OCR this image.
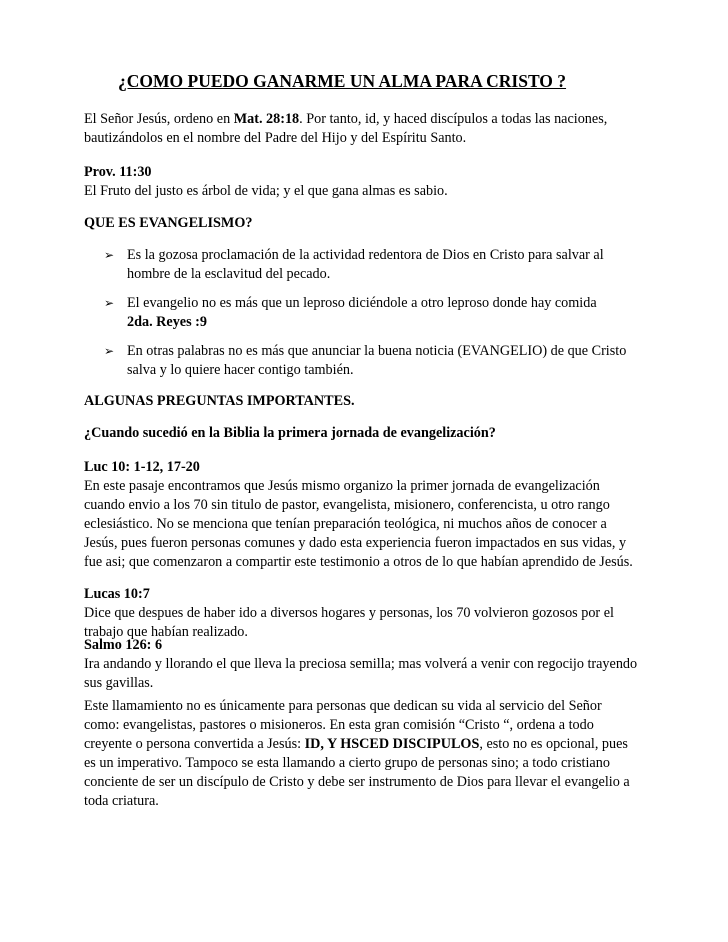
¿COMO PUEDO GANARME UN ALMA PARA CRISTO ?
El Señor Jesús, ordeno en Mat. 28:18. Por tanto, id, y haced discípulos a todas las naciones,
bautizándolos en el nombre del Padre del Hijo y del Espíritu Santo.
Prov. 11:30
El Fruto del justo es árbol de vida; y el que gana almas es sabio.
QUE ES EVANGELISMO?
➢ Es la gozosa proclamación de la actividad redentora de Dios en Cristo para salvar al
hombre de la esclavitud del pecado.
➢ El evangelio no es más que un leproso diciéndole a otro leproso donde hay comida
2da. Reyes :9
➢ En otras palabras no es más que anunciar la buena noticia (EVANGELIO) de que Cristo
salva y lo quiere hacer contigo también.
ALGUNAS PREGUNTAS IMPORTANTES.
¿Cuando sucedió en la Biblia la primera jornada de evangelización?
Luc 10: 1-12, 17-20
En este pasaje encontramos que Jesús mismo organizo la primer jornada de evangelización
cuando envio a los 70 sin titulo de pastor, evangelista, misionero, conferencista, u otro rango
eclesiástico. No se menciona que tenían preparación teológica, ni muchos años de conocer a
Jesús, pues fueron personas comunes y dado esta experiencia fueron impactados en sus vidas, y
fue asi; que comenzaron a compartir este testimonio a otros de lo que habían aprendido de Jesús.
Lucas 10:7
Dice que despues de haber ido a diversos hogares y personas, los 70 volvieron gozosos por el
trabajo que habían realizado.
Salmo 126: 6
Ira andando y llorando el que lleva la preciosa semilla; mas volverá a venir con regocijo trayendo
sus gavillas.
Este llamamiento no es únicamente para personas que dedican su vida al servicio del Señor
como: evangelistas, pastores o misioneros. En esta gran comisión “Cristo “, ordena a todo
creyente o persona convertida a Jesús: ID, Y HSCED DISCIPULOS, esto no es opcional, pues
es un imperativo. Tampoco se esta llamando a cierto grupo de personas sino; a todo cristiano
conciente de ser un discípulo de Cristo y debe ser instrumento de Dios para llevar el evangelio a
toda criatura.
